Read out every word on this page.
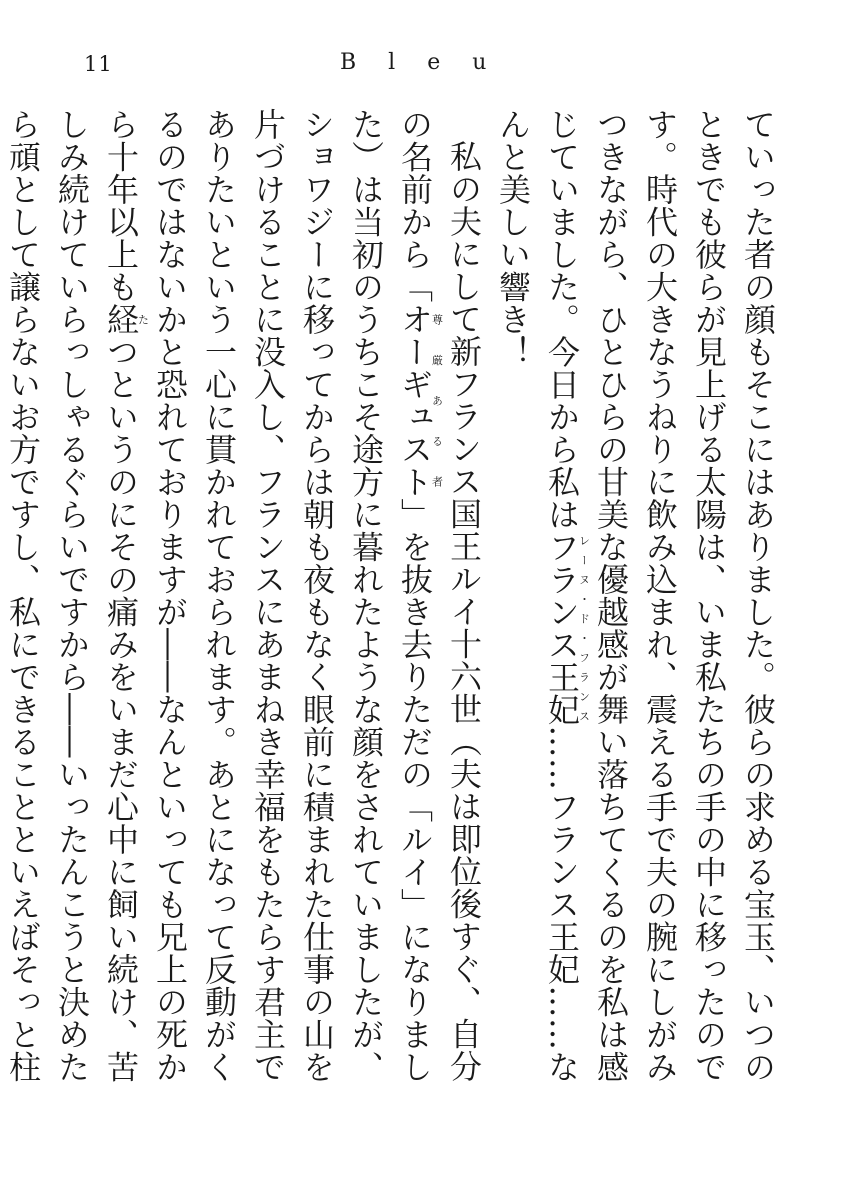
11	Bleu

ていった者の顔もそこにはありました。彼らの求める宝玉、いつのときでも彼らが見上げる太陽は、いま私たちの手の中に移ったのです。時代の大きなうねりに飲み込まれ、震える手で夫の腕にしがみつきながら、ひとひらの甘美な優越感が舞い落ちてくるのを私は感じていました。今日から私はフランス王妃レーヌ・ド・フランス……フランス王妃……なんと美しい響き！

私の夫にして新フランス国王ルイ十六世（夫は即位後すぐ、自分の名前から「オーギュスト尊厳ある者」を抜き去りただの「ルイ」になりました）は当初のうちこそ途方に暮れたような顔をされていましたが、ショワジーに移ってからは朝も夜もなく眼前に積まれた仕事の山を片づけることに没入し、フランスにあまねき幸福をもたらす君主でありたいという一心に貫かれておられます。あとになって反動がくるのではないかと恐れておりますが――なんといっても兄上の死から十年以上も経たつというのにその痛みをいまだ心中に飼い続け、苦しみ続けていらっしゃるぐらいですから――いったんこうと決めたら頑として譲らないお方ですし、私にできることといえばそっと柱
